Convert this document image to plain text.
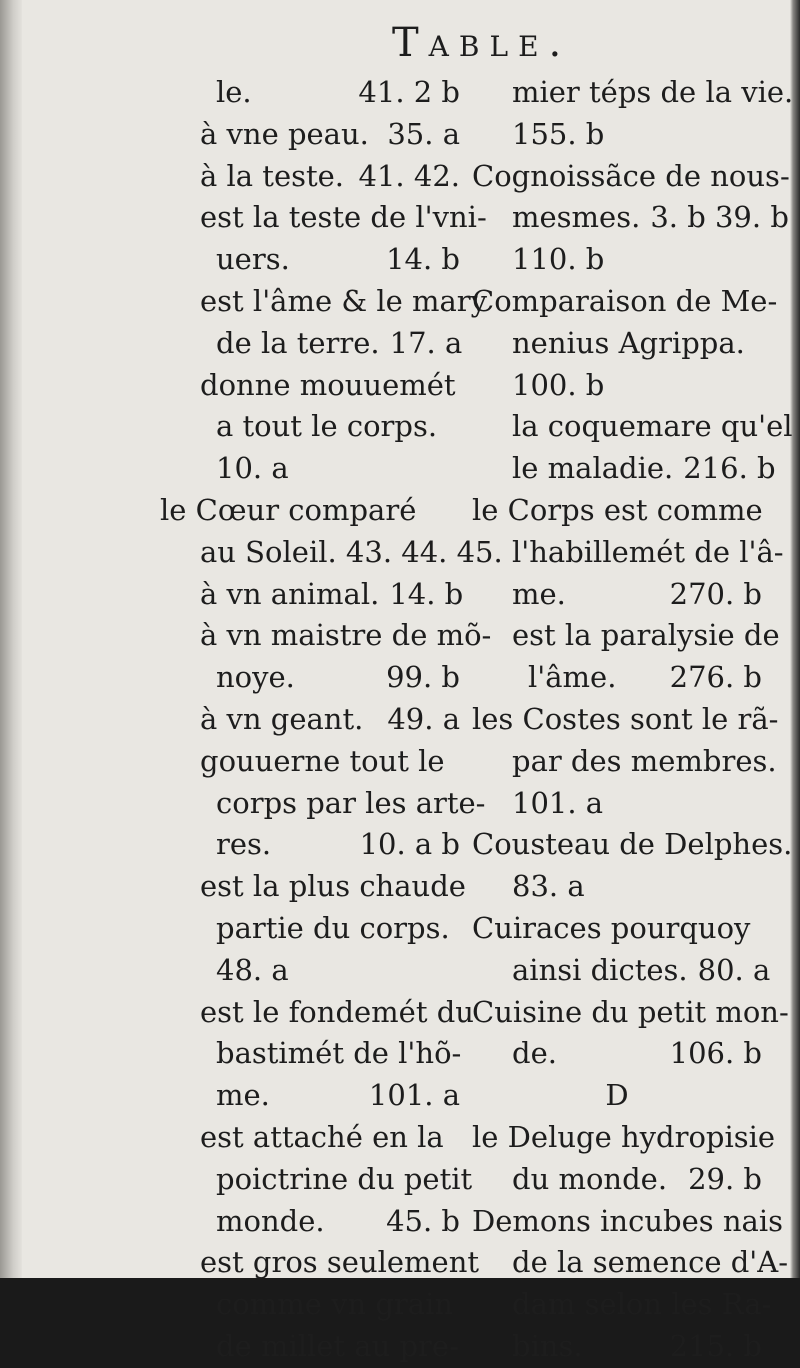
Table.
le.	41. 2 b
à vne peau. 35. a
à la teste. 41. 42.
est la teste de l'vni-
uers.	14. b
est l'âme & le mary
de la terre. 17. a
donne mouuemét
a tout le corps.
10. a
le Cœur comparé
au Soleil. 43. 44. 45.
à vn animal. 14. b
à vn maistre de mõ-
noye.	99. b
à vn geant. 49. a
gouuerne tout le
corps par les arte-
res.	10. a b
est la plus chaude
partie du corps.
48. a
est le fondemét du
bastimét de l'hõ-
me.	101. a
est attaché en la
poictrine du petit
monde.	45. b
est gros seulement
comme vn grain
de millet au pre-
mier téps de la vie.
155. b
Cognoissãce de nous-
mesmes. 3. b 39. b
110. b
Comparaison de Me-
nenius Agrippa.
100. b
la coquemare qu'el
le maladie. 216. b
le Corps est comme
l'habillemét de l'â-
me.	270. b
est la paralysie de
l'âme.	276. b
les Costes sont le rã-
par des membres.
101. a
Cousteau de Delphes.
83. a
Cuiraces pourquoy
ainsi dictes. 80. a
Cuisine du petit mon-
de.	106. b
D
le Deluge hydropisie
du monde. 29. b
Demons incubes nais
de la semence d'A-
dam selon les Ra-
bins.	215. b
